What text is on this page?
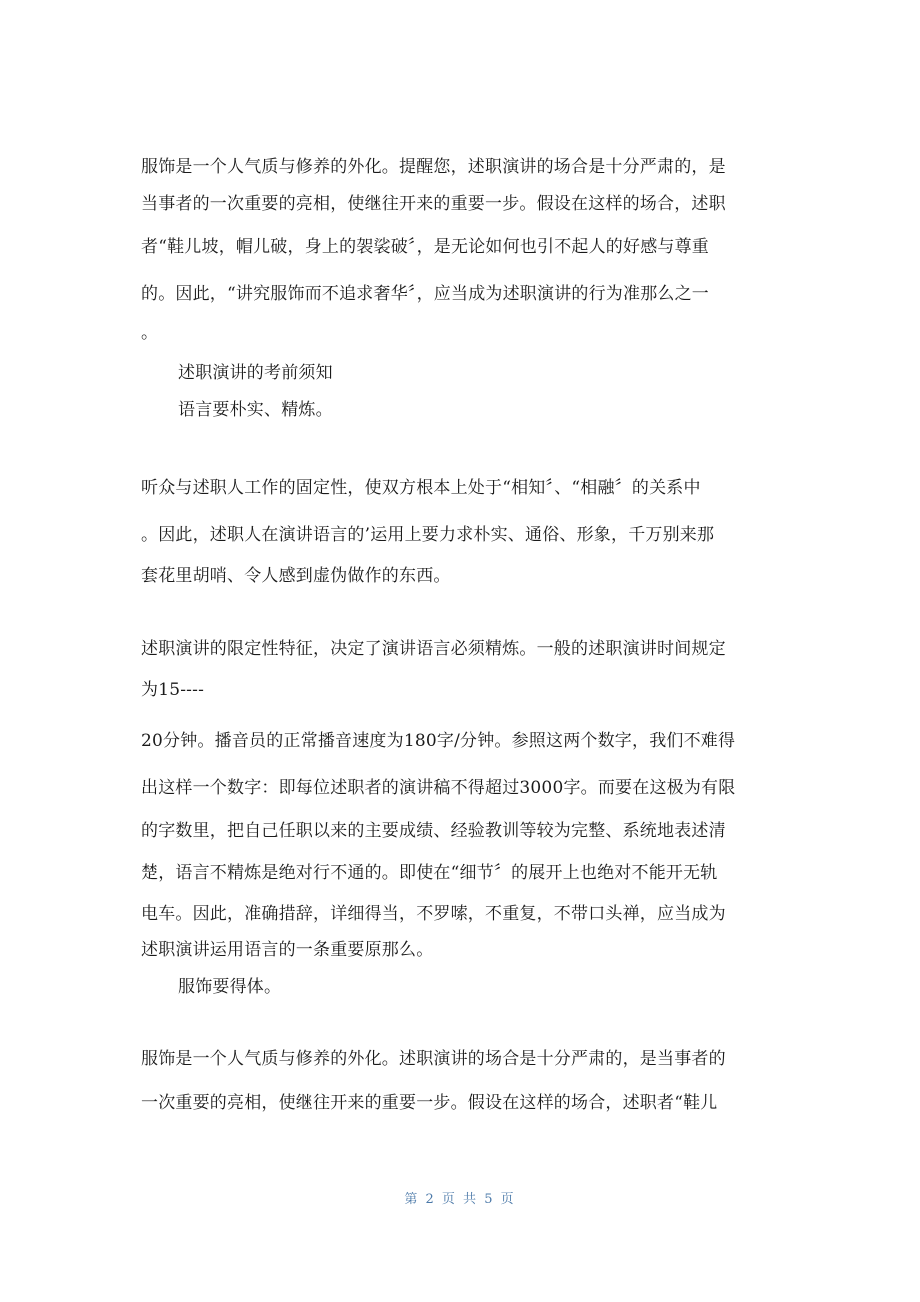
服饰是一个人气质与修养的外化。提醒您，述职演讲的场合是十分严肃的，是
当事者的一次重要的亮相，使继往开来的重要一步。假设在这样的场合，述职
者“鞋儿坡，帽儿破，身上的袈裟破〞，是无论如何也引不起人的好感与尊重
的。因此，“讲究服饰而不追求奢华〞，应当成为述职演讲的行为准那么之一
。
述职演讲的考前须知
语言要朴实、精炼。
听众与述职人工作的固定性，使双方根本上处于“相知〞、“相融〞的关系中
。因此，述职人在演讲语言的’运用上要力求朴实、通俗、形象，千万别来那
套花里胡哨、令人感到虚伪做作的东西。
述职演讲的限定性特征，决定了演讲语言必须精炼。一般的述职演讲时间规定
为15----
20分钟。播音员的正常播音速度为180字/分钟。参照这两个数字，我们不难得
出这样一个数字：即每位述职者的演讲稿不得超过3000字。而要在这极为有限
的字数里，把自己任职以来的主要成绩、经验教训等较为完整、系统地表述清
楚，语言不精炼是绝对行不通的。即使在“细节〞的展开上也绝对不能开无轨
电车。因此，准确措辞，详细得当，不罗嗦，不重复，不带口头禅，应当成为
述职演讲运用语言的一条重要原那么。
服饰要得体。
服饰是一个人气质与修养的外化。述职演讲的场合是十分严肃的，是当事者的
一次重要的亮相，使继往开来的重要一步。假设在这样的场合，述职者“鞋儿
第 2 页 共 5 页
